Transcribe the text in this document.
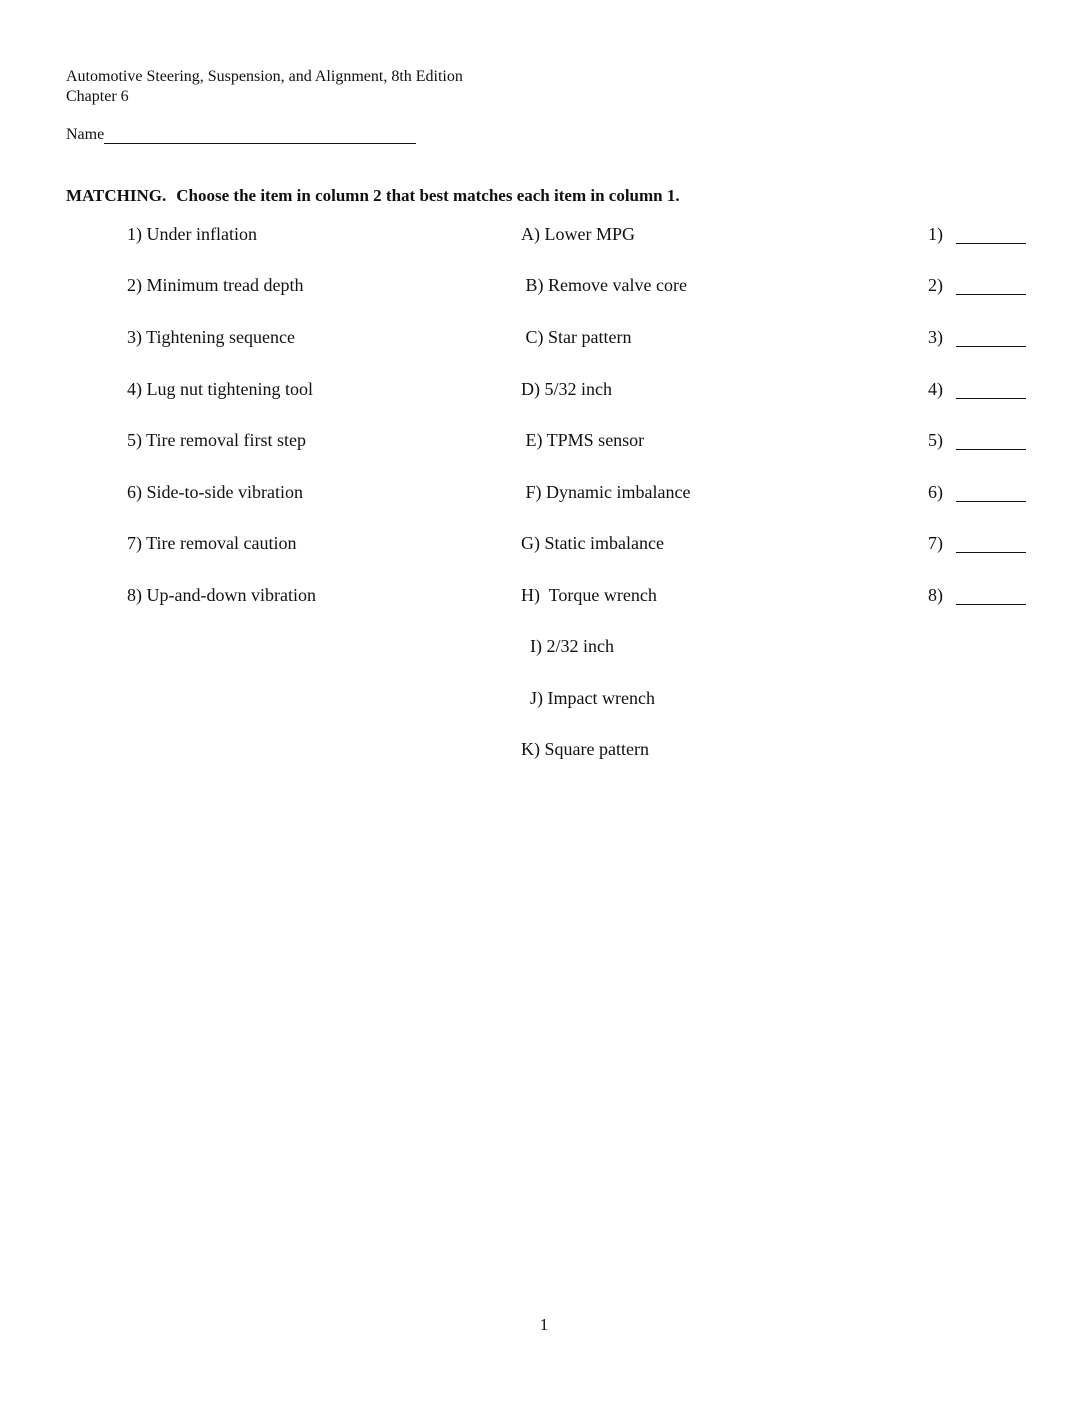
Automotive Steering, Suspension, and Alignment, 8th Edition
Chapter 6
Name
MATCHING. Choose the item in column 2 that best matches each item in column 1.
1) Under inflation	A) Lower MPG	1)
2) Minimum tread depth	B) Remove valve core	2)
3) Tightening sequence	C) Star pattern	3)
4) Lug nut tightening tool	D) 5/32 inch	4)
5) Tire removal first step	E) TPMS sensor	5)
6) Side-to-side vibration	F) Dynamic imbalance	6)
7) Tire removal caution	G) Static imbalance	7)
8) Up-and-down vibration	H)  Torque wrench	8)
I) 2/32 inch
J) Impact wrench
K) Square pattern
1
